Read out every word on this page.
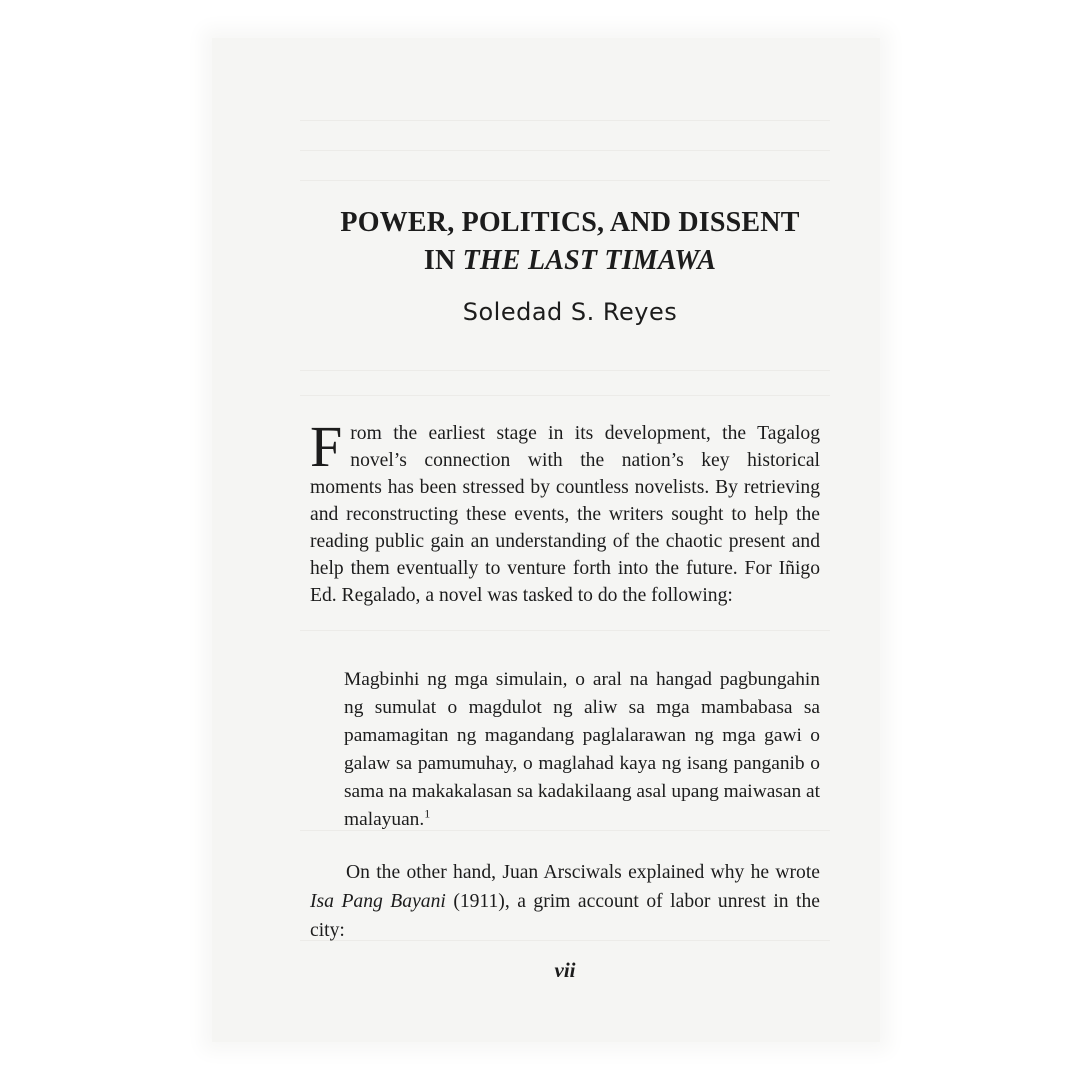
POWER, POLITICS, AND DISSENT
IN THE LAST TIMAWA
Soledad S. Reyes
From the earliest stage in its development, the Tagalog novel’s connection with the nation’s key historical moments has been stressed by countless novelists. By retrieving and reconstructing these events, the writers sought to help the reading public gain an understanding of the chaotic present and help them eventually to venture forth into the future. For Iñigo Ed. Regalado, a novel was tasked to do the following:
Magbinhi ng mga simulain, o aral na hangad pagbungahin ng sumulat o magdulot ng aliw sa mga mambabasa sa pamamagitan ng magandang paglalarawan ng mga gawi o galaw sa pamumuhay, o maglahad kaya ng isang panganib o sama na makakalasan sa kadakilaang asal upang maiwasan at malayuan.$^1$
On the other hand, Juan Arsciwals explained why he wrote Isa Pang Bayani (1911), a grim account of labor unrest in the city:
vii
